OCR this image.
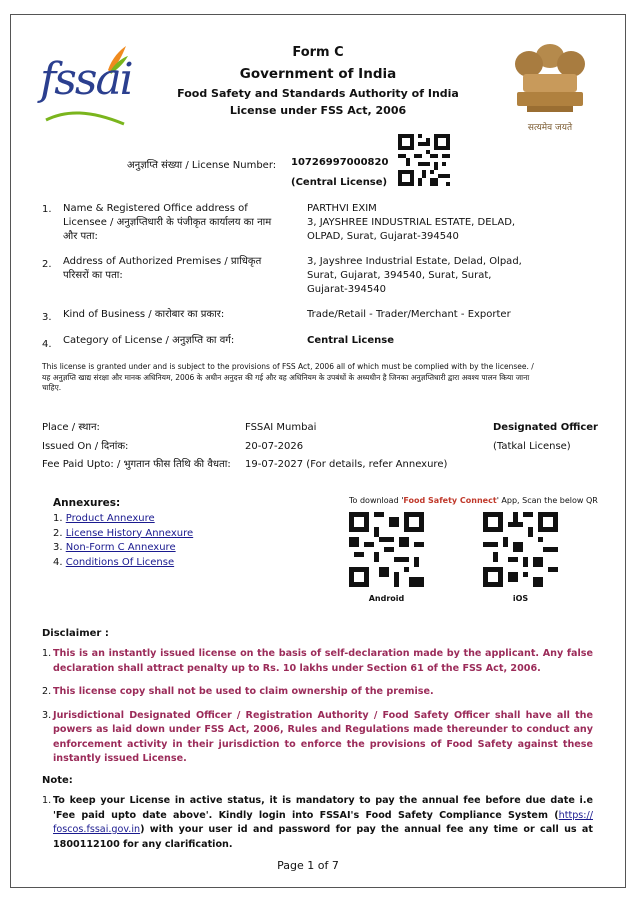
fssai
सत्यमेव जयते
Form C
Government of India
Food Safety and Standards Authority of India
License under FSS Act, 2006
अनुज्ञप्ति संख्या / License Number: 10726997000820
(Central License)
1. Name & Registered Office address of Licensee / अनुज्ञप्तिधारी के पंजीकृत कार्यालय का नाम और पता:
PARTHVI EXIM
3, JAYSHREE INDUSTRIAL ESTATE, DELAD,
OLPAD, Surat, Gujarat-394540
2. Address of Authorized Premises / प्राधिकृत परिसरों का पता:
3, Jayshree Industrial Estate, Delad, Olpad,
Surat, Gujarat, 394540, Surat, Surat,
Gujarat-394540
3. Kind of Business / कारोबार का प्रकार:	Trade/Retail - Trader/Merchant - Exporter
4. Category of License / अनुज्ञप्ति का वर्ग:	Central License
This license is granted under and is subject to the provisions of FSS Act, 2006 all of which must be complied with by the licensee. / यह अनुज्ञप्ति खाद्य संरक्षा और मानक अधिनियम, 2006 के अधीन अनुदत्त की गई और वह अधिनियम के उपबंधों के अध्यधीन है जिनका अनुज्ञप्तिधारी द्वारा अवश्य पालन किया जाना चाहिए.
Place / स्थान:	FSSAI Mumbai
Issued On / दिनांक:	20-07-2026
Fee Paid Upto: / भुगतान फीस तिथि की वैधता: 19-07-2027 (For details, refer Annexure)
Designated Officer
(Tatkal License)
Annexures:
1. Product Annexure
2. License History Annexure
3. Non-Form C Annexure
4. Conditions Of License
To download 'Food Safety Connect' App, Scan the below QR
Android	iOS
Disclaimer :
1. This is an instantly issued license on the basis of self-declaration made by the applicant. Any false declaration shall attract penalty up to Rs. 10 lakhs under Section 61 of the FSS Act, 2006.
2. This license copy shall not be used to claim ownership of the premise.
3. Jurisdictional Designated Officer / Registration Authority / Food Safety Officer shall have all the powers as laid down under FSS Act, 2006, Rules and Regulations made thereunder to conduct any enforcement activity in their jurisdiction to enforce the provisions of Food Safety against these instantly issued License.
Note:
1. To keep your License in active status, it is mandatory to pay the annual fee before due date i.e 'Fee paid upto date above'. Kindly login into FSSAI's Food Safety Compliance System (https:// foscos.fssai.gov.in) with your user id and password for pay the annual fee any time or call us at 1800112100 for any clarification.
Page 1 of 7
